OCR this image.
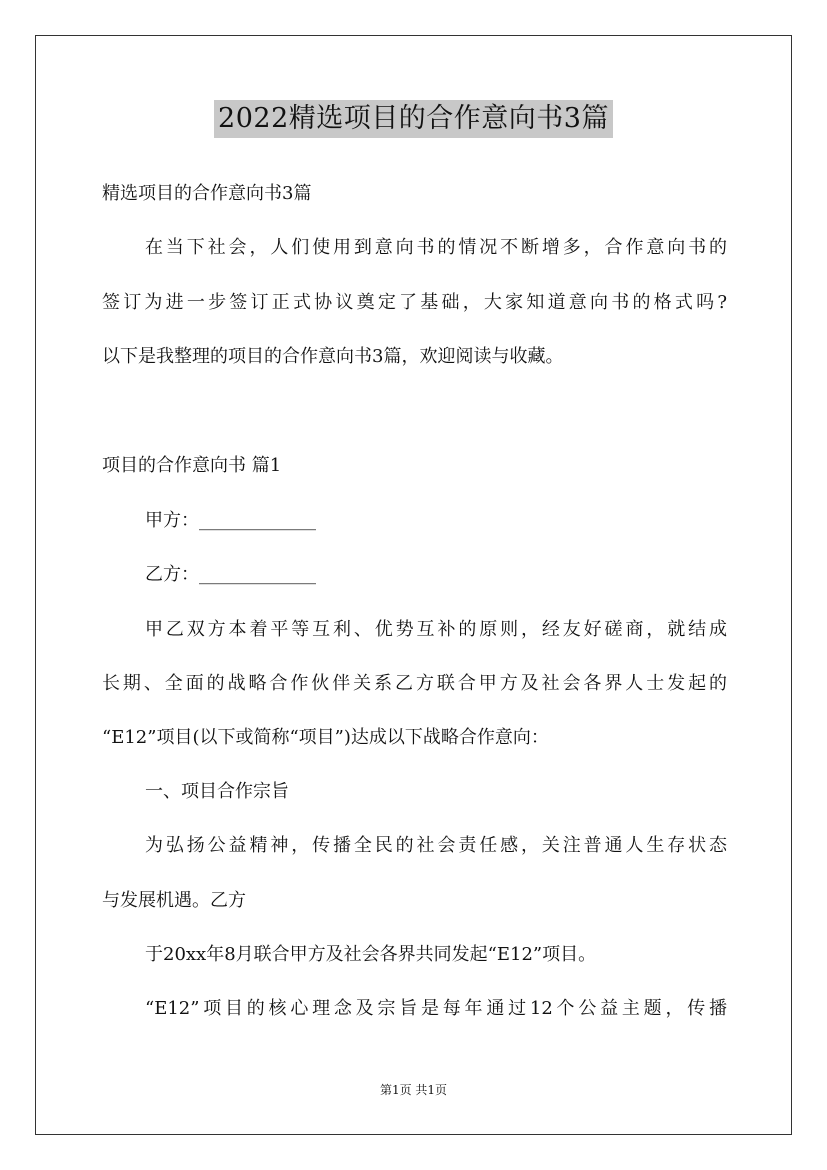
2022精选项目的合作意向书3篇
精选项目的合作意向书3篇
在当下社会，人们使用到意向书的情况不断增多，合作意向书的
签订为进一步签订正式协议奠定了基础，大家知道意向书的格式吗?
以下是我整理的项目的合作意向书3篇，欢迎阅读与收藏。
项目的合作意向书 篇1
甲方：_____________
乙方：_____________
甲乙双方本着平等互利、优势互补的原则，经友好磋商，就结成
长期、全面的战略合作伙伴关系乙方联合甲方及社会各界人士发起的
“E12”项目(以下或简称“项目”)达成以下战略合作意向：
一、项目合作宗旨
为弘扬公益精神，传播全民的社会责任感，关注普通人生存状态
与发展机遇。乙方
于20xx年8月联合甲方及社会各界共同发起“E12”项目。
“E12”项目的核心理念及宗旨是每年通过12个公益主题，传播
第1页 共1页
